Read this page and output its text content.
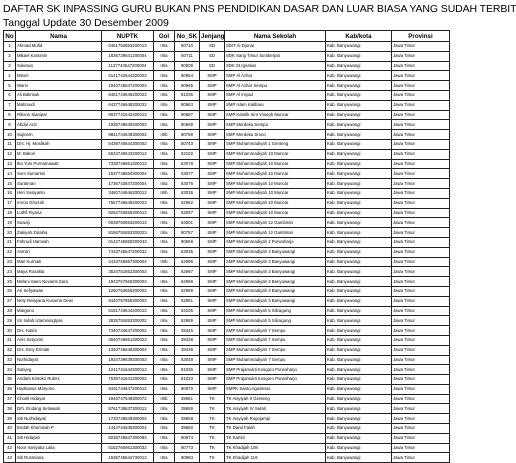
DAFTAR SK INPASSING GURU BUKAN PNS PENDIDIKAN DASAR DAN LUAR BIASA YANG SUDAH TERBIT
Tanggal Update 30 Desember 2009
No	Nama	NUPTK	Gol	No_SK	Jenjang	Nama Sekolah	Kab/kota	Provinsi
1	Ahmad Mufid	0461752653200013	III/a	50710	SD	SDIT Al Djonar	Kab. Banyuwangi	Jawa Timur
2	Mikael Karsimin	1836739641200004	III/a	50711	SD	SDK Sang Timur Sumberjati	Kab. Banyuwangi	Jawa Timur
3	Sukiswo	1137743647200004	III/a	80509	SD	SDK St Ignatius	Kab. Banyuwangi	Jawa Timur
4	Miseri	5141742644200003	III/a	80964	SMP	SMP Al Azhar	Kab. Banyuwangi	Jawa Timur
5	Warsi	1940745647200003	III/a	80965	SMP	SMP Al Azhar Sempu	Kab. Banyuwangi	Jawa Timur
6	Ali Bakrisuk	8451743646200023	III/a	81035	SMP	SMP Al Irsyad	Kab. Banyuwangi	Jawa Timur
7	Mahmudi	6437746648200032	III/a	80963	SMP	SMP Islam Kalibaru	Kab. Banyuwangi	Jawa Timur
8	Rikson Sianipar	8037741642200013	III/a	80687	SMP	SMP Katolik Sint Yoseph Muncar	Kab. Banyuwangi	Jawa Timur
9	Abdul Aziz	1935748649200003	III/a	80669	SMP	SMP Merdeka Sempu	Kab. Banyuwangi	Jawa Timur
10	Sujinem	9841744649300002	III/b	80758	SMP	SMP Merdeka Srono	Kab. Banyuwangi	Jawa Timur
11	Drs. Hj. Muslikah	5439740644300002	III/a	50743	SMP	SMP Muhammadiyah 1 Genteng	Kab. Banyuwangi	Jawa Timur
12	M. Bakori	5634740643200012	III/a	63102	SMP	SMP Muhammadiyah 10 Muncar	Kab. Banyuwangi	Jawa Timur
13	Ika Yuni Purnamawati	7338749651300013	III/a	63078	SMP	SMP Muhammadiyah 10 Muncar	Kab. Banyuwangi	Jawa Timur
14	Sum Sumartini	1537748650300004	III/a	63077	SMP	SMP Muhammadiyah 10 Muncar	Kab. Banyuwangi	Jawa Timur
15	Suratman	1736743647200004	III/a	63076	SMP	SMP Muhammadiyah 10 Muncar	Kab. Banyuwangi	Jawa Timur
16	Heri Susiyanto	3460744646200012	III/b	63036	SMP	SMP Muhammadiyah 10 Muncar	Kab. Banyuwangi	Jawa Timur
17	Imron Ghozali	7557746648200023	III/a	62952	SMP	SMP Muhammadiyah 10 Muncar	Kab. Banyuwangi	Jawa Timur
18	Luthfi Fiyana	9262753655300013	III/a	63097	SMP	SMP Muhammadiyah 10 Muncar	Kab. Banyuwangi	Jawa Timur
19	Suwaji	0039750653200013	III/a	63001	SMP	SMP Muhammadiyah 12 Gambiran	Kab. Banyuwangi	Jawa Timur
20	Zakiyah Zulaiha	8156752653300023	III/a	80757	SMP	SMP Muhammadiyah 12 Gambiran	Kab. Banyuwangi	Jawa Timur
21	Fahrudi Hamsah	0142746650200043	III/a	80668	SMP	SMP Muhammadiyah 2 Purwoharjo	Kab. Banyuwangi	Jawa Timur
22	Asma'i	7433745647200032	III/a	63035	SMP	SMP Muhammadiyah 3 Banyuwangi	Kab. Banyuwangi	Jawa Timur
23	Mari Kurniati	2433756657300004	III/b	62996	SMP	SMP Muhammadiyah 3 Banyuwangi	Kab. Banyuwangi	Jawa Timur
24	Maya Rosalita	3534751652300003	III/a	62997	SMP	SMP Muhammadiyah 3 Banyuwangi	Kab. Banyuwangi	Jawa Timur
25	Melani Saen Novianti Sara	1943757660300003	III/a	62998	SMP	SMP Muhammadiyah 3 Banyuwangi	Kab. Banyuwangi	Jawa Timur
26	Ari Sefiyawan	1260753656200002	III/a	62999	SMP	SMP Muhammadiyah 3 Banyuwangi	Kab. Banyuwangi	Jawa Timur
27	Nety Relayana Kusuma Dewi	5440757659300003	III/a	62951	SMP	SMP Muhammadiyah 3 Banyuwangi	Kab. Banyuwangi	Jawa Timur
28	Margono	6151743644200013	III/a	63105	SMP	SMP Muhammadiyah 5 Siliragung	Kab. Banyuwangi	Jawa Timur
29	Sri Indah Utaminingtyas	2835752653300002	III/a	62959	SMP	SMP Muhammadiyah 5 Siliragung	Kab. Banyuwangi	Jawa Timur
30	Drs. Katiro	7340744647200002	III/a	39445	SMP	SMP Muhammadiyah 7 Sempu	Kab. Banyuwangi	Jawa Timur
31	Anis Setyorini	3940749651300023	III/a	39438	SMP	SMP Muhammadiyah 7 Sempu	Kab. Banyuwangi	Jawa Timur
32	Drs. Emy Ermiati	1340746648300004	III/a	39439	SMP	SMP Muhammadiyah 7 Sempu	Kab. Banyuwangi	Jawa Timur
33	Nurhidayat	1934739639200003	III/a	63048	SMP	SMP Muhammadiyah 7 Sempu	Kab. Banyuwangi	Jawa Timur
34	Sutiyeg	1241741644200013	III/a	81036	SMP	SMP Prajamukti Kosgoro Purwoharjo	Kab. Banyuwangi	Jawa Timur
35	Andarti Kintoko Rukmi	7638741641300002	III/a	81033	SMP	SMP Prajamukti Kosgoro Purwoharjo	Kab. Banyuwangi	Jawa Timur
36	Hadrianus Maryono	5431744647200012	III/a	80870	SMP	SMPK Santo Agustinus	Kab. Banyuwangi	Jawa Timur
37	Choiril Hidayat	1945747649300072	III/b	39661	TK	TK Aisyiyah II Genteng	Kab. Banyuwangi	Jawa Timur
38	Drh. Endang Setiawati	5761735637300012	III/a	39659	TK	TK Aisyiyah IV Setail	Kab. Banyuwangi	Jawa Timur
39	Siti Nurhidayati	1733748649300004	III/a	39658	TK	TK Aisyiyah Rogojampi	Kab. Banyuwangi	Jawa Timur
40	Endah Khomisah P	1444744646300004	III/a	39660	TK	TK Darul Falah	Kab. Banyuwangi	Jawa Timur
41	Siti Hidayati	5038745647300093	III/a	80674	TK	TK Kartini	Kab. Banyuwangi	Jawa Timur
42	Noor Ismiyatul Laila	5152760661300032	III/a	80773	TK	TK Khadijah 108	Kab. Banyuwangi	Jawa Timur
43	Siti Rusmiana	1536745644730013	III/a	80983	TK	TK Khadijah 119	Kab. Banyuwangi	Jawa Timur
